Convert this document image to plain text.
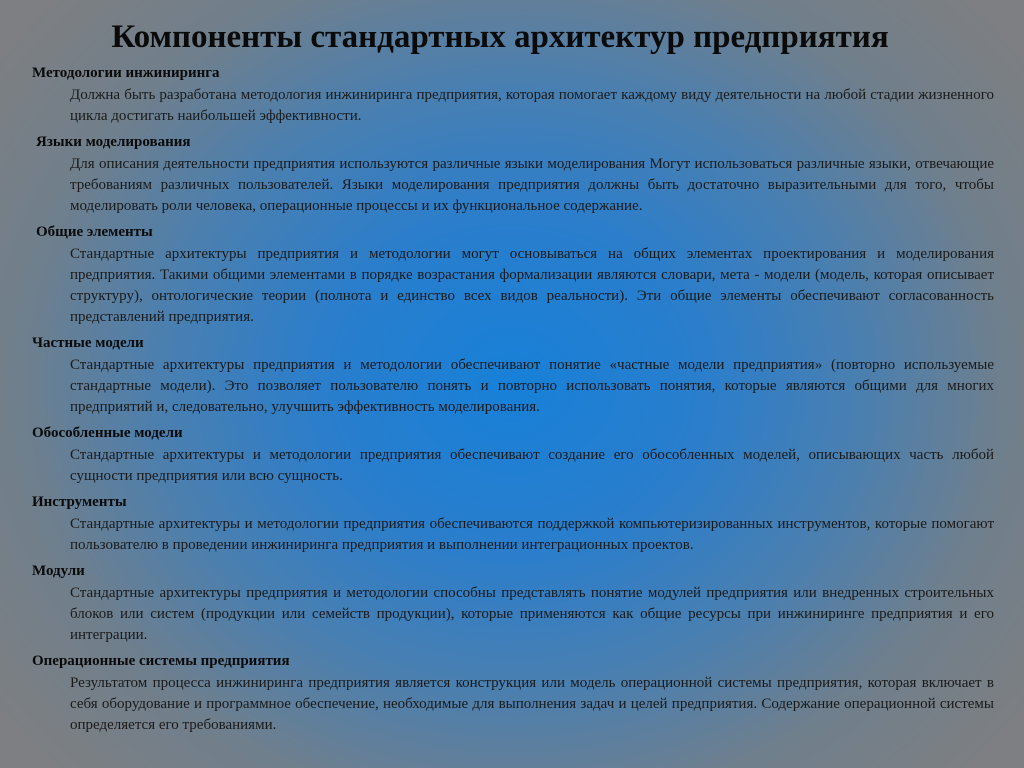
Компоненты стандартных архитектур предприятия
Методологии инжиниринга
Должна быть разработана методология инжиниринга предприятия, которая помогает каждому виду деятельности на любой стадии жизненного цикла достигать наибольшей эффективности.
Языки моделирования
Для описания деятельности предприятия используются различные языки моделирования Могут использоваться различные языки, отвечающие требованиям различных пользователей. Языки моделирования предприятия должны быть достаточно выразительными для того, чтобы моделировать роли человека, операционные процессы и их функциональное содержание.
Общие элементы
Стандартные архитектуры предприятия и методологии могут основываться на общих элементах проектирования и моделирования предприятия. Такими общими элементами в порядке возрастания формализации являются словари, мета - модели (модель, которая описывает структуру), онтологические теории (полнота и единство всех видов реальности). Эти общие элементы обеспечивают согласованность представлений предприятия.
Частные модели
Стандартные архитектуры предприятия и методологии обеспечивают понятие «частные модели предприятия» (повторно используемые стандартные модели). Это позволяет пользователю понять и повторно использовать понятия, которые являются общими для многих предприятий и, следовательно, улучшить эффективность моделирования.
Обособленные модели
Стандартные архитектуры и методологии предприятия обеспечивают создание его обособленных моделей, описывающих часть любой сущности предприятия или всю сущность.
Инструменты
Стандартные архитектуры и методологии предприятия обеспечиваются поддержкой компьютеризированных инструментов, которые помогают пользователю в проведении инжиниринга предприятия и выполнении интеграционных проектов.
Модули
Стандартные архитектуры предприятия и методологии способны представлять понятие модулей предприятия или внедренных строительных блоков или систем (продукции или семейств продукции), которые применяются как общие ресурсы при инжиниринге предприятия и его интеграции.
Операционные системы предприятия
Результатом процесса инжиниринга предприятия является конструкция или модель операционной системы предприятия, которая включает в себя оборудование и программное обеспечение, необходимые для выполнения задач и целей предприятия. Содержание операционной системы определяется его требованиями.
